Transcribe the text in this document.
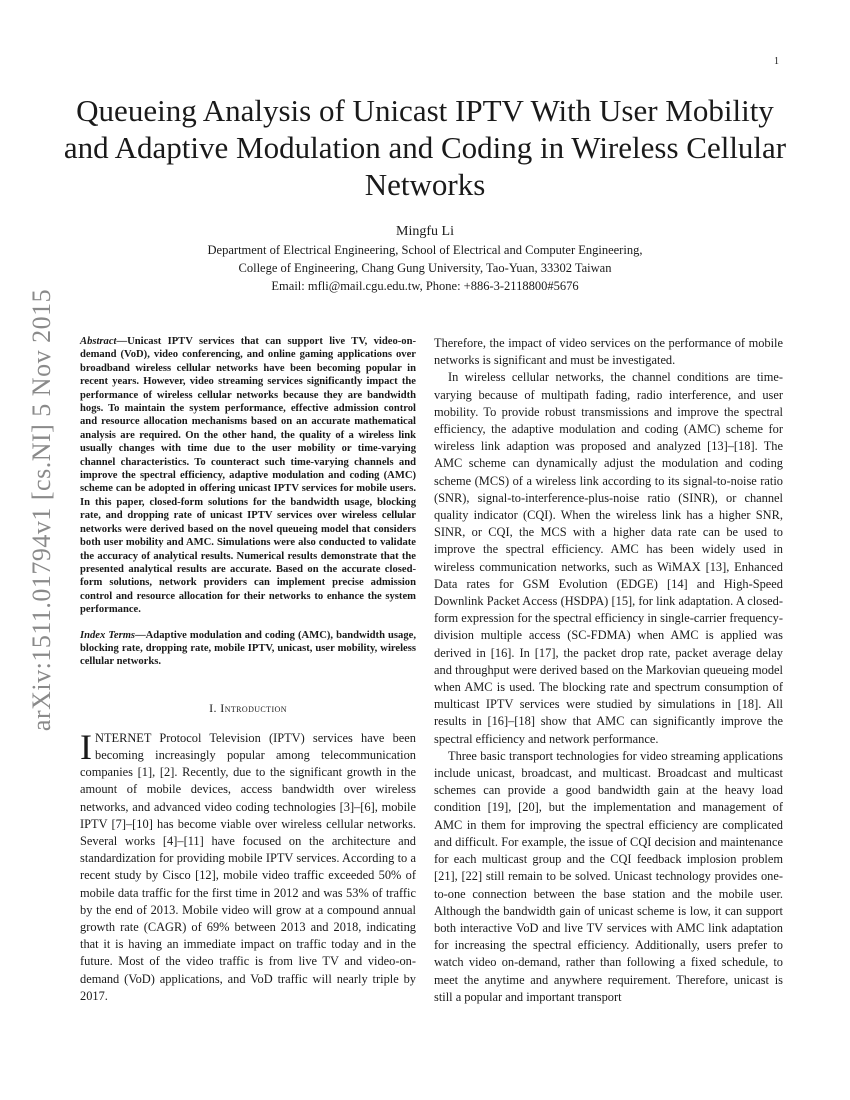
1
arXiv:1511.01794v1 [cs.NI] 5 Nov 2015
Queueing Analysis of Unicast IPTV With User Mobility and Adaptive Modulation and Coding in Wireless Cellular Networks
Mingfu Li
Department of Electrical Engineering, School of Electrical and Computer Engineering,
College of Engineering, Chang Gung University, Tao-Yuan, 33302 Taiwan
Email: mfli@mail.cgu.edu.tw, Phone: +886-3-2118800#5676

Abstract—Unicast IPTV services that can support live TV, video-on-demand (VoD), video conferencing, and online gaming applications over broadband wireless cellular networks have been becoming popular in recent years. However, video streaming services significantly impact the performance of wireless cellular networks because they are bandwidth hogs. To maintain the system performance, effective admission control and resource allocation mechanisms based on an accurate mathematical analysis are required. On the other hand, the quality of a wireless link usually changes with time due to the user mobility or time-varying channel characteristics. To counteract such time-varying channels and improve the spectral efficiency, adaptive modulation and coding (AMC) scheme can be adopted in offering unicast IPTV services for mobile users. In this paper, closed-form solutions for the bandwidth usage, blocking rate, and dropping rate of unicast IPTV services over wireless cellular networks were derived based on the novel queueing model that considers both user mobility and AMC. Simulations were also conducted to validate the accuracy of analytical results. Numerical results demonstrate that the presented analytical results are accurate. Based on the accurate closed-form solutions, network providers can implement precise admission control and resource allocation for their networks to enhance the system performance.

Index Terms—Adaptive modulation and coding (AMC), bandwidth usage, blocking rate, dropping rate, mobile IPTV, unicast, user mobility, wireless cellular networks.

I. Introduction

INTERNET Protocol Television (IPTV) services have been becoming increasingly popular among telecommunication companies [1], [2]. Recently, due to the significant growth in the amount of mobile devices, access bandwidth over wireless networks, and advanced video coding technologies [3]–[6], mobile IPTV [7]–[10] has become viable over wireless cellular networks. Several works [4]–[11] have focused on the architecture and standardization for providing mobile IPTV services. According to a recent study by Cisco [12], mobile video traffic exceeded 50% of mobile data traffic for the first time in 2012 and was 53% of traffic by the end of 2013. Mobile video will grow at a compound annual growth rate (CAGR) of 69% between 2013 and 2018, indicating that it is having an immediate impact on traffic today and in the future. Most of the video traffic is from live TV and video-on-demand (VoD) applications, and VoD traffic will nearly triple by 2017.

Therefore, the impact of video services on the performance of mobile networks is significant and must be investigated.

In wireless cellular networks, the channel conditions are time-varying because of multipath fading, radio interference, and user mobility. To provide robust transmissions and improve the spectral efficiency, the adaptive modulation and coding (AMC) scheme for wireless link adaption was proposed and analyzed [13]–[18]. The AMC scheme can dynamically adjust the modulation and coding scheme (MCS) of a wireless link according to its signal-to-noise ratio (SNR), signal-to-interference-plus-noise ratio (SINR), or channel quality indicator (CQI). When the wireless link has a higher SNR, SINR, or CQI, the MCS with a higher data rate can be used to improve the spectral efficiency. AMC has been widely used in wireless communication networks, such as WiMAX [13], Enhanced Data rates for GSM Evolution (EDGE) [14] and High-Speed Downlink Packet Access (HSDPA) [15], for link adaptation. A closed-form expression for the spectral efficiency in single-carrier frequency-division multiple access (SC-FDMA) when AMC is applied was derived in [16]. In [17], the packet drop rate, packet average delay and throughput were derived based on the Markovian queueing model when AMC is used. The blocking rate and spectrum consumption of multicast IPTV services were studied by simulations in [18]. All results in [16]–[18] show that AMC can significantly improve the spectral efficiency and network performance.

Three basic transport technologies for video streaming applications include unicast, broadcast, and multicast. Broadcast and multicast schemes can provide a good bandwidth gain at the heavy load condition [19], [20], but the implementation and management of AMC in them for improving the spectral efficiency are complicated and difficult. For example, the issue of CQI decision and maintenance for each multicast group and the CQI feedback implosion problem [21], [22] still remain to be solved. Unicast technology provides one-to-one connection between the base station and the mobile user. Although the bandwidth gain of unicast scheme is low, it can support both interactive VoD and live TV services with AMC link adaptation for increasing the spectral efficiency. Additionally, users prefer to watch video on-demand, rather than following a fixed schedule, to meet the anytime and anywhere requirement. Therefore, unicast is still a popular and important transport
